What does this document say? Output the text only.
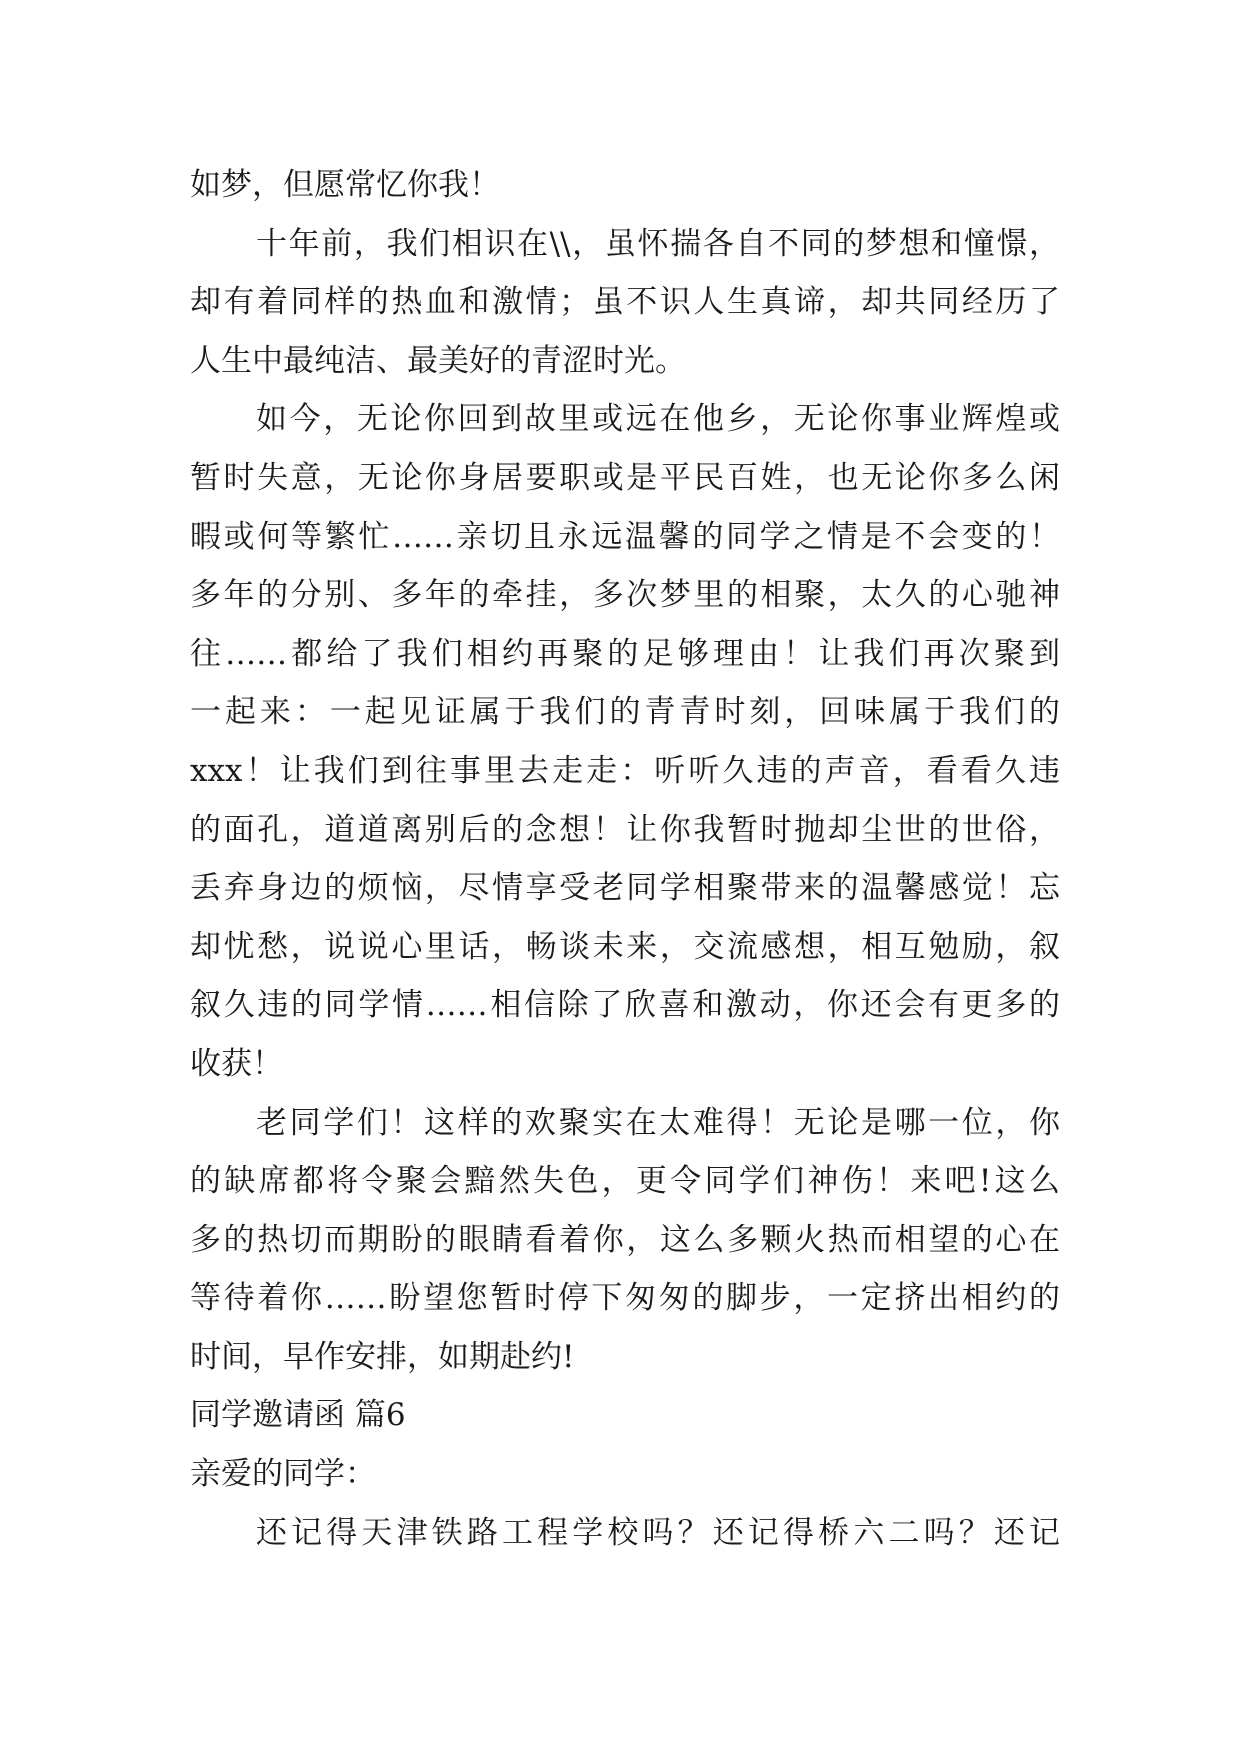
如梦，但愿常忆你我！
十年前，我们相识在\\，虽怀揣各自不同的梦想和憧憬，
却有着同样的热血和激情；虽不识人生真谛，却共同经历了
人生中最纯洁、最美好的青涩时光。
如今，无论你回到故里或远在他乡，无论你事业辉煌或
暂时失意，无论你身居要职或是平民百姓，也无论你多么闲
暇或何等繁忙……亲切且永远温馨的同学之情是不会变的！
多年的分别、多年的牵挂，多次梦里的相聚，太久的心驰神
往……都给了我们相约再聚的足够理由！让我们再次聚到
一起来：一起见证属于我们的青青时刻，回味属于我们的
xxx！让我们到往事里去走走：听听久违的声音，看看久违
的面孔，道道离别后的念想！让你我暂时抛却尘世的世俗，
丢弃身边的烦恼，尽情享受老同学相聚带来的温馨感觉！忘
却忧愁，说说心里话，畅谈未来，交流感想，相互勉励，叙
叙久违的同学情……相信除了欣喜和激动，你还会有更多的
收获！
老同学们！这样的欢聚实在太难得！无论是哪一位，你
的缺席都将令聚会黯然失色，更令同学们神伤！来吧!这么
多的热切而期盼的眼睛看着你，这么多颗火热而相望的心在
等待着你……盼望您暂时停下匆匆的脚步，一定挤出相约的
时间，早作安排，如期赴约!
同学邀请函 篇6
亲爱的同学：
还记得天津铁路工程学校吗？还记得桥六二吗？还记
